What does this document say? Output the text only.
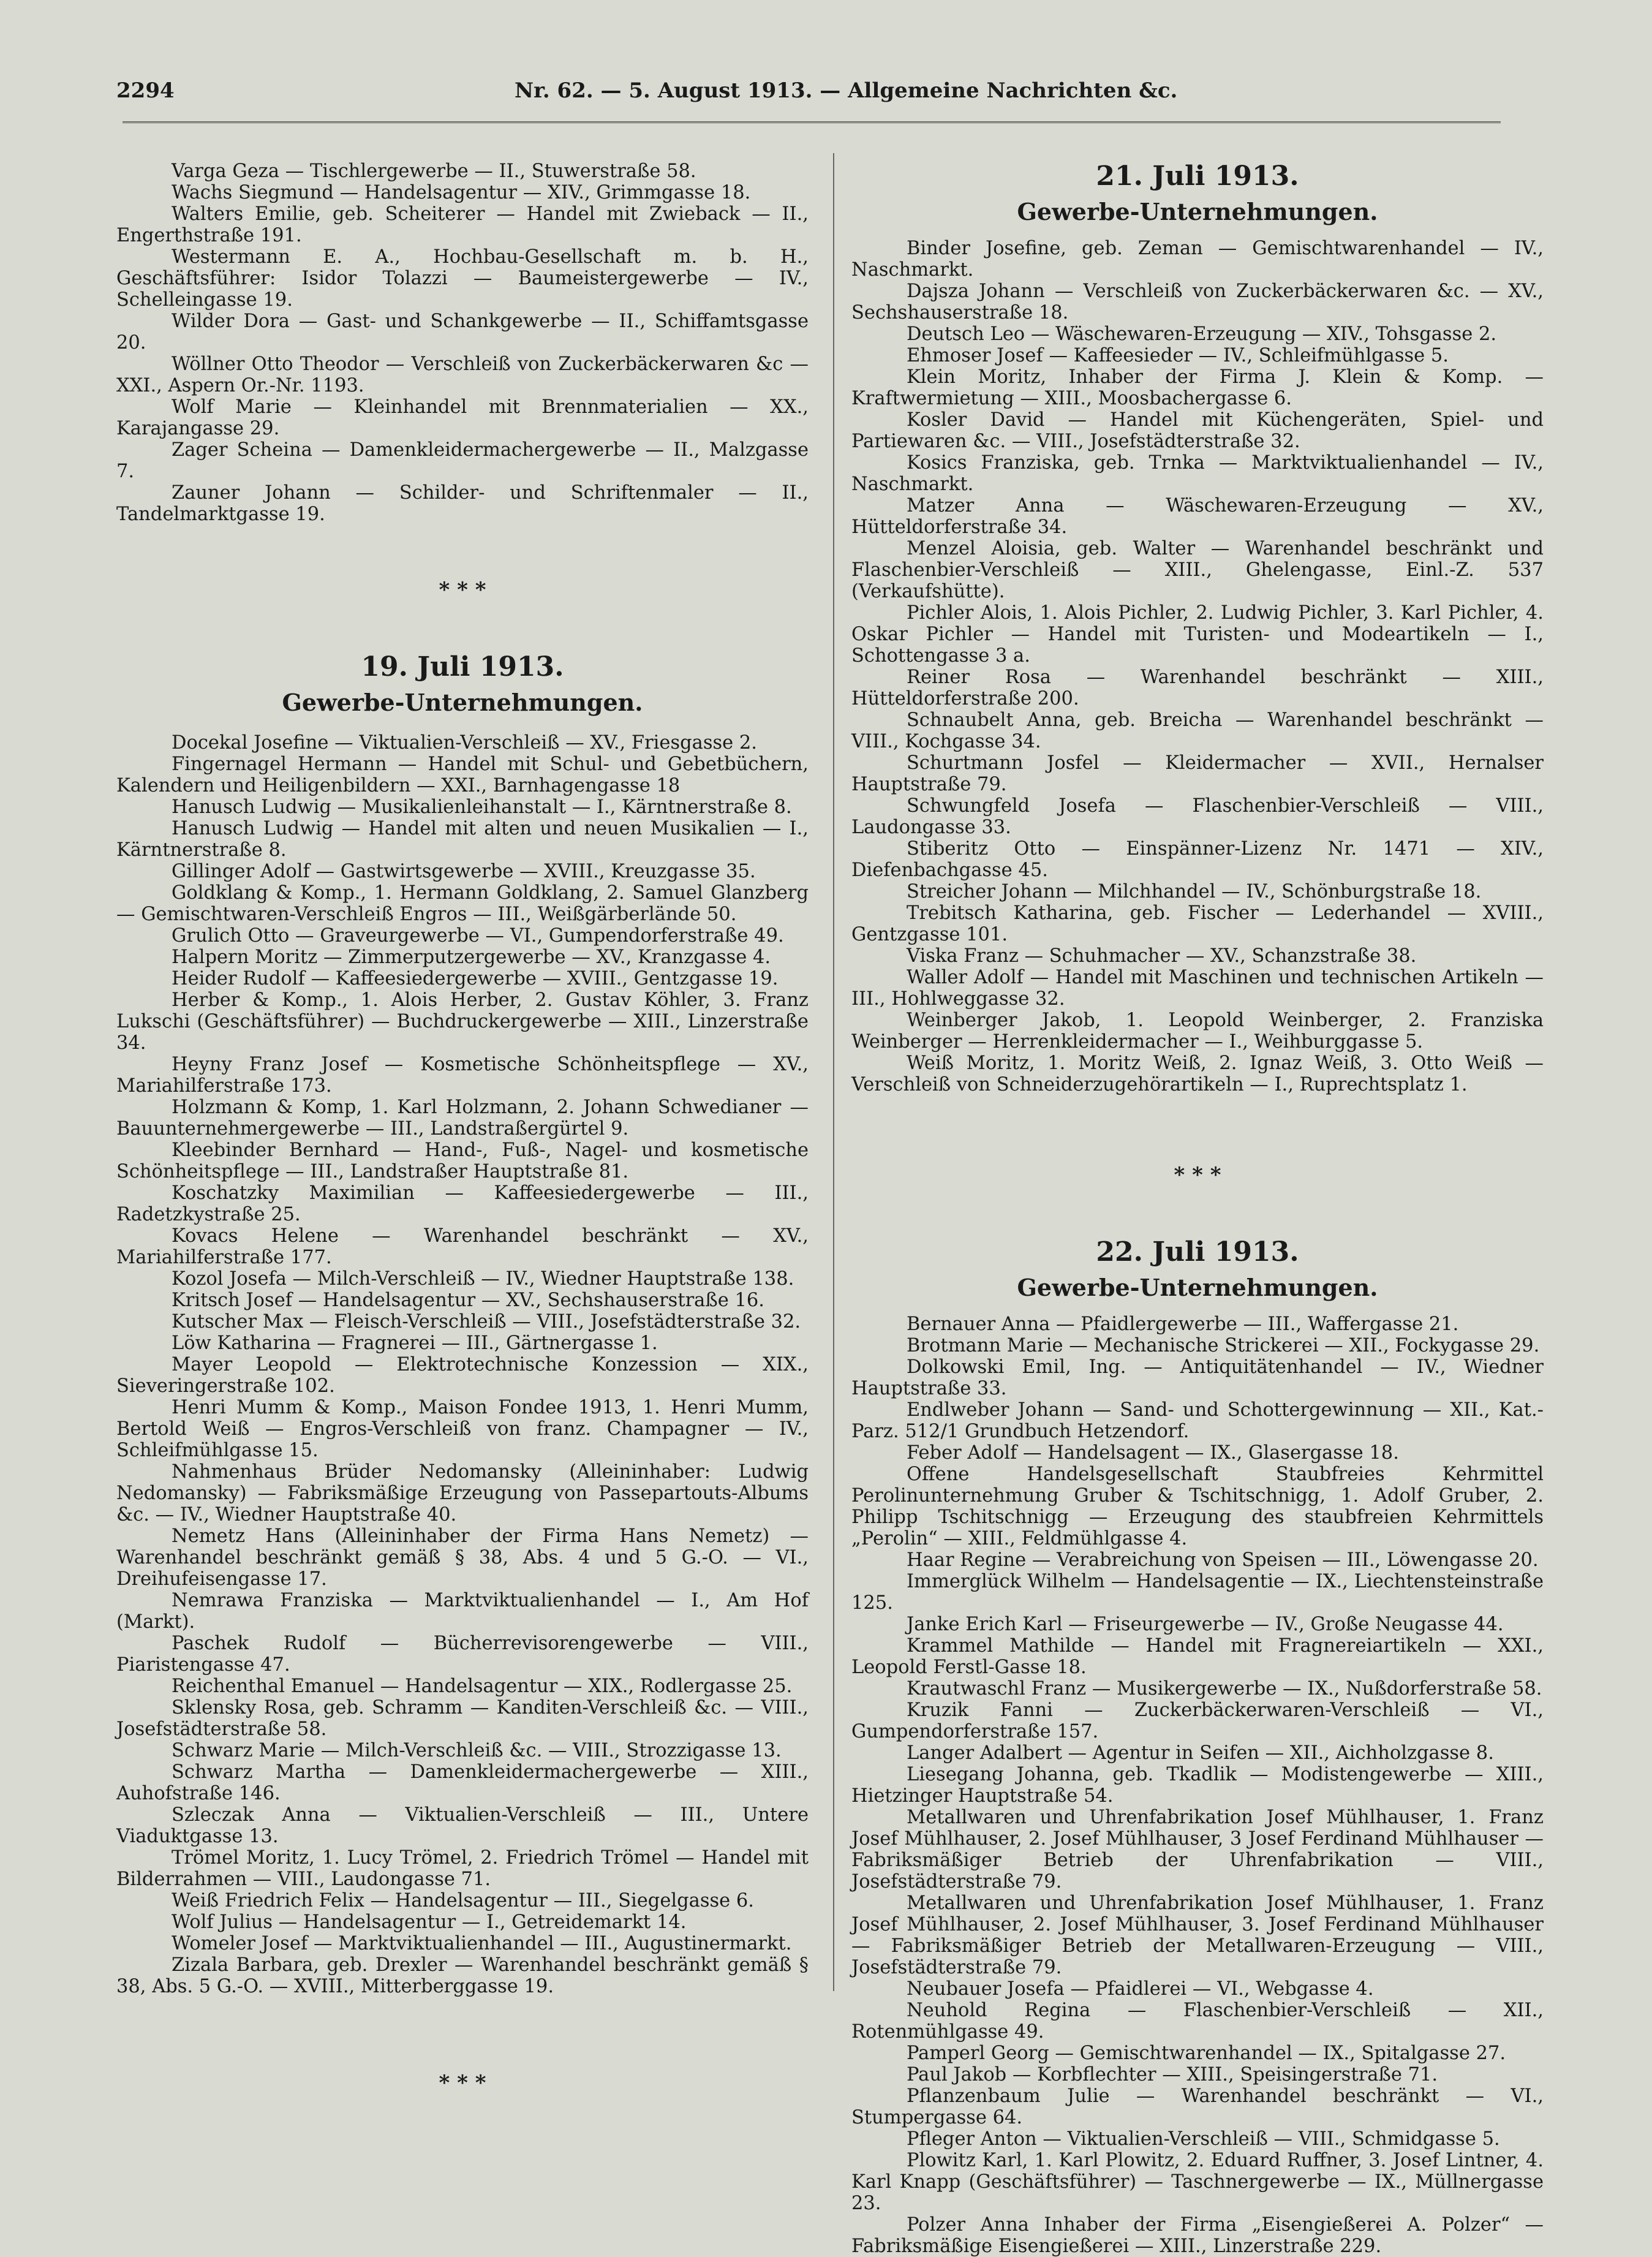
2294	Nr. 62. — 5. August 1913. — Allgemeine Nachrichten &c.

Varga Geza — Tischlergewerbe — II., Stuwerstraße 58.

Wachs Siegmund — Handelsagentur — XIV., Grimmgasse 18.

Walters Emilie, geb. Scheiterer — Handel mit Zwieback — II., Engerthstraße 191.

Westermann E. A., Hochbau-Gesellschaft m. b. H., Geschäftsführer: Isidor Tolazzi — Baumeistergewerbe — IV., Schelleingasse 19.

Wilder Dora — Gast- und Schankgewerbe — II., Schiffamtsgasse 20.

Wöllner Otto Theodor — Verschleiß von Zuckerbäckerwaren &c — XXI., Aspern Or.-Nr. 1193.

Wolf Marie — Kleinhandel mit Brennmaterialien — XX., Karajangasse 29.

Zager Scheina — Damenkleidermachergewerbe — II., Malzgasse 7.

Zauner Johann — Schilder- und Schriftenmaler — II., Tandelmarktgasse 19.

* * *

19. Juli 1913.

Gewerbe-Unternehmungen.

Docekal Josefine — Viktualien-Verschleiß — XV., Friesgasse 2.

Fingernagel Hermann — Handel mit Schul- und Gebetbüchern, Kalendern und Heiligenbildern — XXI., Barnhagengasse 18

Hanusch Ludwig — Musikalienleihanstalt — I., Kärntnerstraße 8.

Hanusch Ludwig — Handel mit alten und neuen Musikalien — I., Kärntnerstraße 8.

Gillinger Adolf — Gastwirtsgewerbe — XVIII., Kreuzgasse 35.

Goldklang & Komp., 1. Hermann Goldklang, 2. Samuel Glanzberg — Gemischtwaren-Verschleiß Engros — III., Weißgärberlände 50.

Grulich Otto — Graveurgewerbe — VI., Gumpendorferstraße 49.

Halpern Moritz — Zimmerputzergewerbe — XV., Kranzgasse 4.

Heider Rudolf — Kaffeesiedergewerbe — XVIII., Gentzgasse 19.

Herber & Komp., 1. Alois Herber, 2. Gustav Köhler, 3. Franz Lukschi (Geschäftsführer) — Buchdruckergewerbe — XIII., Linzerstraße 34.

Heyny Franz Josef — Kosmetische Schönheitspflege — XV., Mariahilferstraße 173.

Holzmann & Komp, 1. Karl Holzmann, 2. Johann Schwedianer — Bauunternehmergewerbe — III., Landstraßergürtel 9.

Kleebinder Bernhard — Hand-, Fuß-, Nagel- und kosmetische Schönheitspflege — III., Landstraßer Hauptstraße 81.

Koschatzky Maximilian — Kaffeesiedergewerbe — III., Radetzkystraße 25.

Kovacs Helene — Warenhandel beschränkt — XV., Mariahilferstraße 177.

Kozol Josefa — Milch-Verschleiß — IV., Wiedner Hauptstraße 138.

Kritsch Josef — Handelsagentur — XV., Sechshauserstraße 16.

Kutscher Max — Fleisch-Verschleiß — VIII., Josefstädterstraße 32.

Löw Katharina — Fragnerei — III., Gärtnergasse 1.

Mayer Leopold — Elektrotechnische Konzession — XIX., Sieveringerstraße 102.

Henri Mumm & Komp., Maison Fondee 1913, 1. Henri Mumm, Bertold Weiß — Engros-Verschleiß von franz. Champagner — IV., Schleifmühlgasse 15.

Nahmenhaus Brüder Nedomansky (Alleininhaber: Ludwig Nedomansky) — Fabriksmäßige Erzeugung von Passepartouts-Albums &c. — IV., Wiedner Hauptstraße 40.

Nemetz Hans (Alleininhaber der Firma Hans Nemetz) — Warenhandel beschränkt gemäß § 38, Abs. 4 und 5 G.-O. — VI., Dreihufeisengasse 17.

Nemrawa Franziska — Marktviktualienhandel — I., Am Hof (Markt).

Paschek Rudolf — Bücherrevisorengewerbe — VIII., Piaristengasse 47.

Reichenthal Emanuel — Handelsagentur — XIX., Rodlergasse 25.

Sklensky Rosa, geb. Schramm — Kanditen-Verschleiß &c. — VIII., Josefstädterstraße 58.

Schwarz Marie — Milch-Verschleiß &c. — VIII., Strozzigasse 13.

Schwarz Martha — Damenkleidermachergewerbe — XIII., Auhofstraße 146.

Szleczak Anna — Viktualien-Verschleiß — III., Untere Viaduktgasse 13.

Trömel Moritz, 1. Lucy Trömel, 2. Friedrich Trömel — Handel mit Bilderrahmen — VIII., Laudongasse 71.

Weiß Friedrich Felix — Handelsagentur — III., Siegelgasse 6.

Wolf Julius — Handelsagentur — I., Getreidemarkt 14.

Womeler Josef — Marktviktualienhandel — III., Augustinermarkt.

Zizala Barbara, geb. Drexler — Warenhandel beschränkt gemäß § 38, Abs. 5 G.-O. — XVIII., Mitterberggasse 19.

* * *

21. Juli 1913.

Gewerbe-Unternehmungen.

Binder Josefine, geb. Zeman — Gemischtwarenhandel — IV., Naschmarkt.

Dajsza Johann — Verschleiß von Zuckerbäckerwaren &c. — XV., Sechshauserstraße 18.

Deutsch Leo — Wäschewaren-Erzeugung — XIV., Tohsgasse 2.

Ehmoser Josef — Kaffeesieder — IV., Schleifmühlgasse 5.

Klein Moritz, Inhaber der Firma J. Klein & Komp. — Kraftwermietung — XIII., Moosbachergasse 6.

Kosler David — Handel mit Küchengeräten, Spiel- und Partiewaren &c. — VIII., Josefstädterstraße 32.

Kosics Franziska, geb. Trnka — Marktviktualienhandel — IV., Naschmarkt.

Matzer Anna — Wäschewaren-Erzeugung — XV., Hütteldorferstraße 34.

Menzel Aloisia, geb. Walter — Warenhandel beschränkt und Flaschenbier-Verschleiß — XIII., Ghelengasse, Einl.-Z. 537 (Verkaufshütte).

Pichler Alois, 1. Alois Pichler, 2. Ludwig Pichler, 3. Karl Pichler, 4. Oskar Pichler — Handel mit Turisten- und Modeartikeln — I., Schottengasse 3 a.

Reiner Rosa — Warenhandel beschränkt — XIII., Hütteldorferstraße 200.

Schnaubelt Anna, geb. Breicha — Warenhandel beschränkt — VIII., Kochgasse 34.

Schurtmann Josfel — Kleidermacher — XVII., Hernalser Hauptstraße 79.

Schwungfeld Josefa — Flaschenbier-Verschleiß — VIII., Laudongasse 33.

Stiberitz Otto — Einspänner-Lizenz Nr. 1471 — XIV., Diefenbachgasse 45.

Streicher Johann — Milchhandel — IV., Schönburgstraße 18.

Trebitsch Katharina, geb. Fischer — Lederhandel — XVIII., Gentzgasse 101.

Viska Franz — Schuhmacher — XV., Schanzstraße 38.

Waller Adolf — Handel mit Maschinen und technischen Artikeln — III., Hohlweggasse 32.

Weinberger Jakob, 1. Leopold Weinberger, 2. Franziska Weinberger — Herrenkleidermacher — I., Weihburggasse 5.

Weiß Moritz, 1. Moritz Weiß, 2. Ignaz Weiß, 3. Otto Weiß — Verschleiß von Schneiderzugehörartikeln — I., Ruprechtsplatz 1.

* * *

22. Juli 1913.

Gewerbe-Unternehmungen.

Bernauer Anna — Pfaidlergewerbe — III., Waffergasse 21.

Brotmann Marie — Mechanische Strickerei — XII., Fockygasse 29.

Dolkowski Emil, Ing. — Antiquitätenhandel — IV., Wiedner Hauptstraße 33.

Endlweber Johann — Sand- und Schottergewinnung — XII., Kat.-Parz. 512/1 Grundbuch Hetzendorf.

Feber Adolf — Handelsagent — IX., Glasergasse 18.

Offene Handelsgesellschaft Staubfreies Kehrmittel Perolinunternehmung Gruber & Tschitschnigg, 1. Adolf Gruber, 2. Philipp Tschitschnigg — Erzeugung des staubfreien Kehrmittels „Perolin“ — XIII., Feldmühlgasse 4.

Haar Regine — Verabreichung von Speisen — III., Löwengasse 20.

Immerglück Wilhelm — Handelsagentie — IX., Liechtensteinstraße 125.

Janke Erich Karl — Friseurgewerbe — IV., Große Neugasse 44.

Krammel Mathilde — Handel mit Fragnereiartikeln — XXI., Leopold Ferstl-Gasse 18.

Krautwaschl Franz — Musikergewerbe — IX., Nußdorferstraße 58.

Kruzik Fanni — Zuckerbäckerwaren-Verschleiß — VI., Gumpendorferstraße 157.

Langer Adalbert — Agentur in Seifen — XII., Aichholzgasse 8.

Liesegang Johanna, geb. Tkadlik — Modistengewerbe — XIII., Hietzinger Hauptstraße 54.

Metallwaren und Uhrenfabrikation Josef Mühlhauser, 1. Franz Josef Mühlhauser, 2. Josef Mühlhauser, 3 Josef Ferdinand Mühlhauser — Fabriksmäßiger Betrieb der Uhrenfabrikation — VIII., Josefstädterstraße 79.

Metallwaren und Uhrenfabrikation Josef Mühlhauser, 1. Franz Josef Mühlhauser, 2. Josef Mühlhauser, 3. Josef Ferdinand Mühlhauser — Fabriksmäßiger Betrieb der Metallwaren-Erzeugung — VIII., Josefstädterstraße 79.

Neubauer Josefa — Pfaidlerei — VI., Webgasse 4.

Neuhold Regina — Flaschenbier-Verschleiß — XII., Rotenmühlgasse 49.

Pamperl Georg — Gemischtwarenhandel — IX., Spitalgasse 27.

Paul Jakob — Korbflechter — XIII., Speisingerstraße 71.

Pflanzenbaum Julie — Warenhandel beschränkt — VI., Stumpergasse 64.

Pfleger Anton — Viktualien-Verschleiß — VIII., Schmidgasse 5.

Plowitz Karl, 1. Karl Plowitz, 2. Eduard Ruffner, 3. Josef Lintner, 4. Karl Knapp (Geschäftsführer) — Taschnergewerbe — IX., Müllnergasse 23.

Polzer Anna Inhaber der Firma „Eisengießerei A. Polzer“ — Fabriksmäßige Eisengießerei — XIII., Linzerstraße 229.
